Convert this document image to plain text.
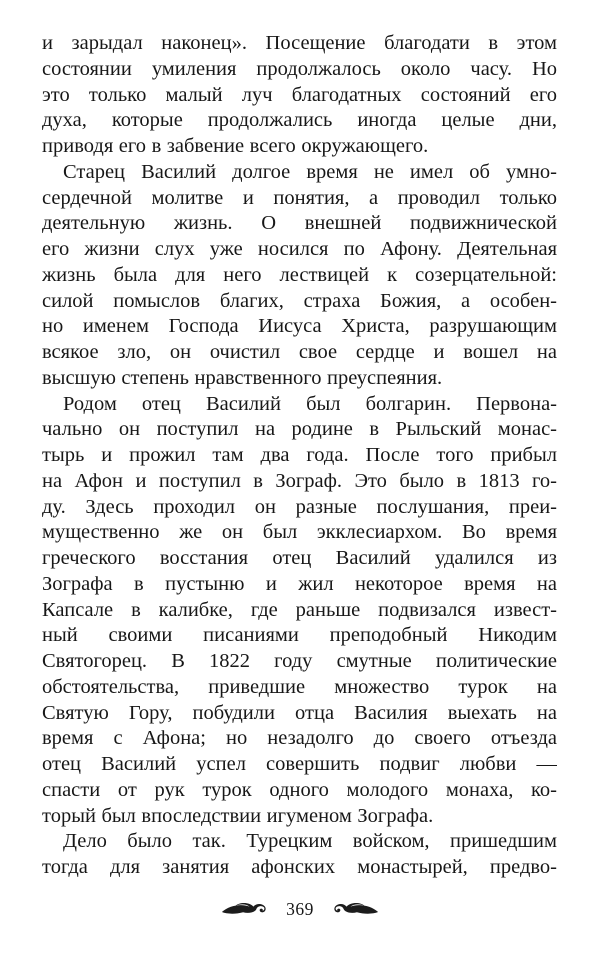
и зарыдал наконец». Посещение благодати в этом
состоянии умиления продолжалось около часу. Но
это только малый луч благодатных состояний его
духа, которые продолжались иногда целые дни,
приводя его в забвение всего окружающего.
Старец Василий долгое время не имел об умно-
сердечной молитве и понятия, а проводил только
деятельную жизнь. О внешней подвижнической
его жизни слух уже носился по Афону. Деятельная
жизнь была для него лествицей к созерцательной:
силой помыслов благих, страха Божия, а особен-
но именем Господа Иисуса Христа, разрушающим
всякое зло, он очистил свое сердце и вошел на
высшую степень нравственного преуспеяния.
Родом отец Василий был болгарин. Первона-
чально он поступил на родине в Рыльский монас-
тырь и прожил там два года. После того прибыл
на Афон и поступил в Зограф. Это было в 1813 го-
ду. Здесь проходил он разные послушания, преи-
мущественно же он был экклесиархом. Во время
греческого восстания отец Василий удалился из
Зографа в пустыню и жил некоторое время на
Капсале в калибке, где раньше подвизался извест-
ный своими писаниями преподобный Никодим
Святогорец. В 1822 году смутные политические
обстоятельства, приведшие множество турок на
Святую Гору, побудили отца Василия выехать на
время с Афона; но незадолго до своего отъезда
отец Василий успел совершить подвиг любви —
спасти от рук турок одного молодого монаха, ко-
торый был впоследствии игуменом Зографа.
Дело было так. Турецким войском, пришедшим
тогда для занятия афонских монастырей, предво-
369
